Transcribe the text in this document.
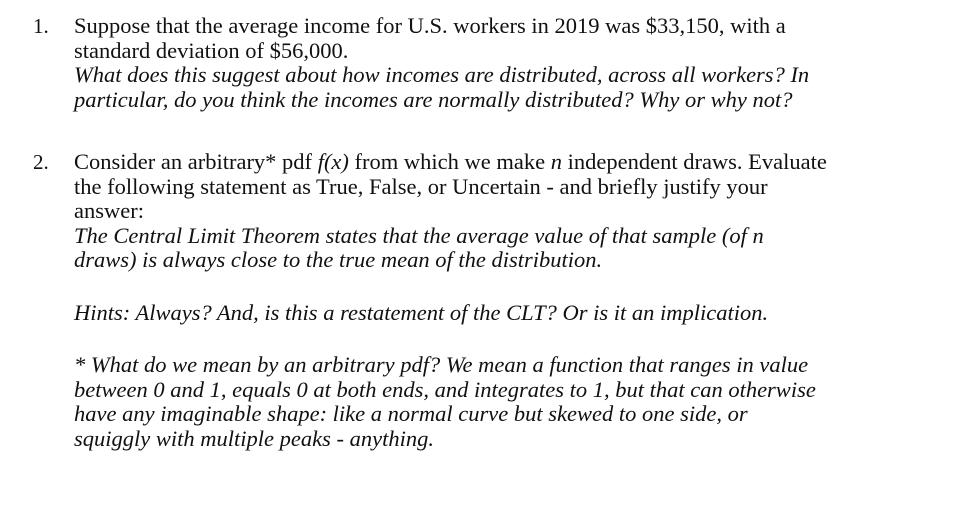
1. Suppose that the average income for U.S. workers in 2019 was $33,150, with a
standard deviation of $56,000.
What does this suggest about how incomes are distributed, across all workers? In
particular, do you think the incomes are normally distributed? Why or why not?
2. Consider an arbitrary* pdf f(x) from which we make n independent draws. Evaluate
the following statement as True, False, or Uncertain - and briefly justify your
answer:
The Central Limit Theorem states that the average value of that sample (of n
draws) is always close to the true mean of the distribution.
Hints: Always? And, is this a restatement of the CLT? Or is it an implication.
* What do we mean by an arbitrary pdf? We mean a function that ranges in value
between 0 and 1, equals 0 at both ends, and integrates to 1, but that can otherwise
have any imaginable shape: like a normal curve but skewed to one side, or
squiggly with multiple peaks - anything.
